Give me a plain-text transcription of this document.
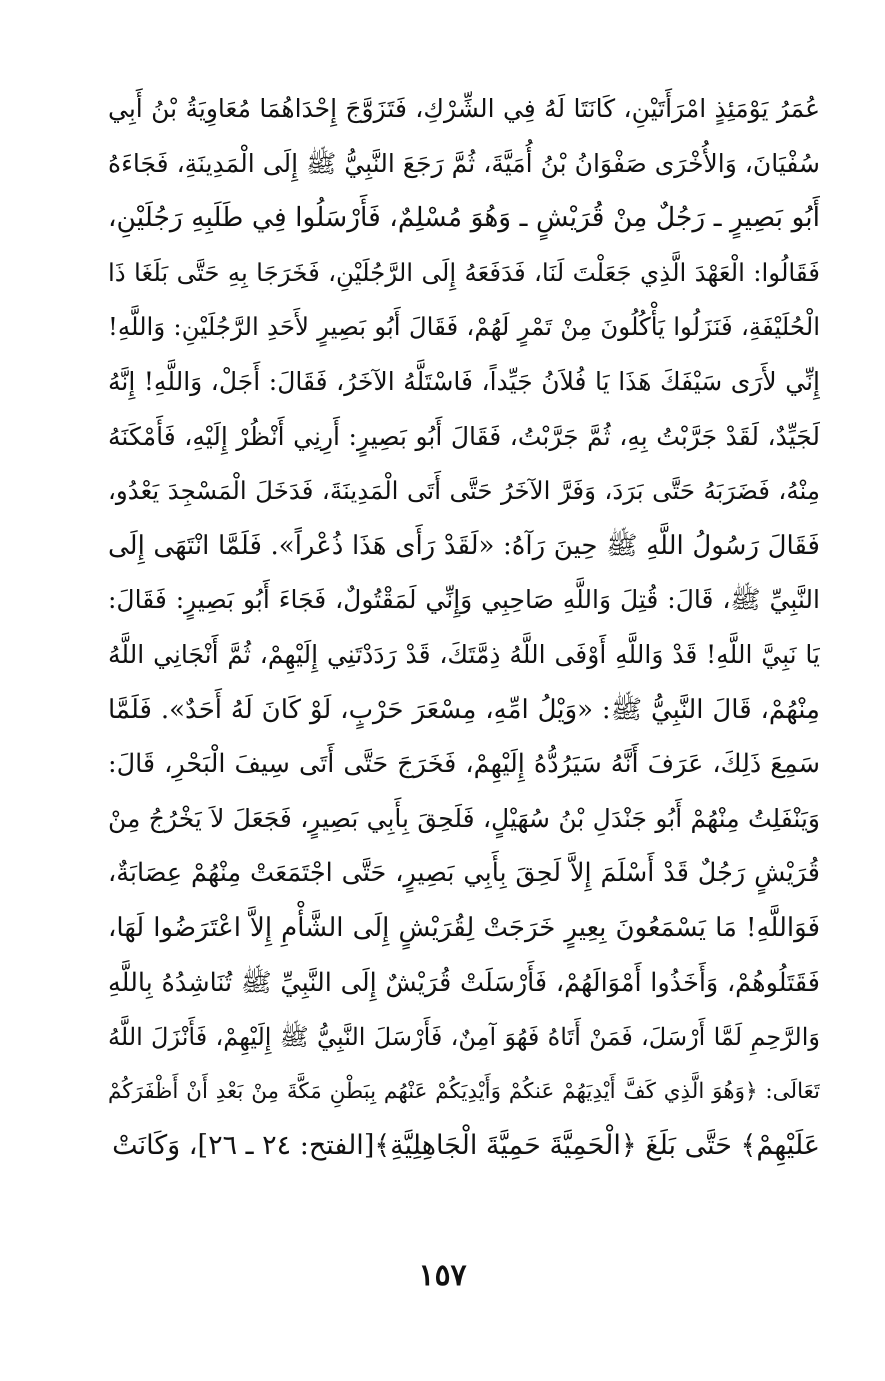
عُمَرُ يَوْمَئِذٍ امْرَأَتَيْنِ، كَانَتَا لَهُ فِي الشِّرْكِ، فَتَزَوَّجَ إِحْدَاهُمَا مُعَاوِيَةُ بْنُ أَبِي
سُفْيَانَ، وَالأُخْرَى صَفْوَانُ بْنُ أُمَيَّةَ، ثُمَّ رَجَعَ النَّبِيُّ ﷺ إِلَى الْمَدِينَةِ، فَجَاءَهُ
أَبُو بَصِيرٍ ـ رَجُلٌ مِنْ قُرَيْشٍ ـ وَهُوَ مُسْلِمٌ، فَأَرْسَلُوا فِي طَلَبِهِ رَجُلَيْنِ،
فَقَالُوا: الْعَهْدَ الَّذِي جَعَلْتَ لَنَا، فَدَفَعَهُ إِلَى الرَّجُلَيْنِ، فَخَرَجَا بِهِ حَتَّى بَلَغَا ذَا
الْحُلَيْفَةِ، فَنَزَلُوا يَأْكُلُونَ مِنْ تَمْرٍ لَهُمْ، فَقَالَ أَبُو بَصِيرٍ لأَحَدِ الرَّجُلَيْنِ: وَاللَّهِ!
إِنِّي لأَرَى سَيْفَكَ هَذَا يَا فُلاَنُ جَيِّداً، فَاسْتَلَّهُ الآخَرُ، فَقَالَ: أَجَلْ، وَاللَّهِ! إِنَّهُ
لَجَيِّدٌ، لَقَدْ جَرَّبْتُ بِهِ، ثُمَّ جَرَّبْتُ، فَقَالَ أَبُو بَصِيرٍ: أَرِنِي أَنْظُرْ إِلَيْهِ، فَأَمْكَنَهُ
مِنْهُ، فَضَرَبَهُ حَتَّى بَرَدَ، وَفَرَّ الآخَرُ حَتَّى أَتَى الْمَدِينَةَ، فَدَخَلَ الْمَسْجِدَ يَعْدُو،
فَقَالَ رَسُولُ اللَّهِ ﷺ حِينَ رَآهُ: «لَقَدْ رَأَى هَذَا ذُعْراً». فَلَمَّا انْتَهَى إِلَى
النَّبِيِّ ﷺ، قَالَ: قُتِلَ وَاللَّهِ صَاحِبِي وَإِنِّي لَمَقْتُولٌ، فَجَاءَ أَبُو بَصِيرٍ: فَقَالَ:
يَا نَبِيَّ اللَّهِ! قَدْ وَاللَّهِ أَوْفَى اللَّهُ ذِمَّتَكَ، قَدْ رَدَدْتَنِي إِلَيْهِمْ، ثُمَّ أَنْجَانِي اللَّهُ
مِنْهُمْ، قَالَ النَّبِيُّ ﷺ: «وَيْلُ امِّهِ، مِسْعَرَ حَرْبٍ، لَوْ كَانَ لَهُ أَحَدٌ». فَلَمَّا
سَمِعَ ذَلِكَ، عَرَفَ أَنَّهُ سَيَرُدُّهُ إِلَيْهِمْ، فَخَرَجَ حَتَّى أَتَى سِيفَ الْبَحْرِ، قَالَ:
وَيَنْفَلِتُ مِنْهُمْ أَبُو جَنْدَلِ بْنُ سُهَيْلٍ، فَلَحِقَ بِأَبِي بَصِيرٍ، فَجَعَلَ لاَ يَخْرُجُ مِنْ
قُرَيْشٍ رَجُلٌ قَدْ أَسْلَمَ إِلاَّ لَحِقَ بِأَبِي بَصِيرٍ، حَتَّى اجْتَمَعَتْ مِنْهُمْ عِصَابَةٌ،
فَوَاللَّهِ! مَا يَسْمَعُونَ بِعِيرٍ خَرَجَتْ لِقُرَيْشٍ إِلَى الشَّأْمِ إِلاَّ اعْتَرَضُوا لَهَا،
فَقَتَلُوهُمْ، وَأَخَذُوا أَمْوَالَهُمْ، فَأَرْسَلَتْ قُرَيْشٌ إِلَى النَّبِيِّ ﷺ تُنَاشِدُهُ بِاللَّهِ
وَالرَّحِمِ لَمَّا أَرْسَلَ، فَمَنْ أَتَاهُ فَهُوَ آمِنٌ، فَأَرْسَلَ النَّبِيُّ ﷺ إِلَيْهِمْ، فَأَنْزَلَ اللَّهُ
تَعَالَى: ﴿وَهُوَ الَّذِي كَفَّ أَيْدِيَهُمْ عَنكُمْ وَأَيْدِيَكُمْ عَنْهُم بِبَطْنِ مَكَّةَ مِنْ بَعْدِ أَنْ أَظْفَرَكُمْ
عَلَيْهِمْ﴾ حَتَّى بَلَغَ ﴿الْحَمِيَّةَ حَمِيَّةَ الْجَاهِلِيَّةِ﴾[الفتح: ٢٤ ـ ٢٦]، وَكَانَتْ
١٥٧
